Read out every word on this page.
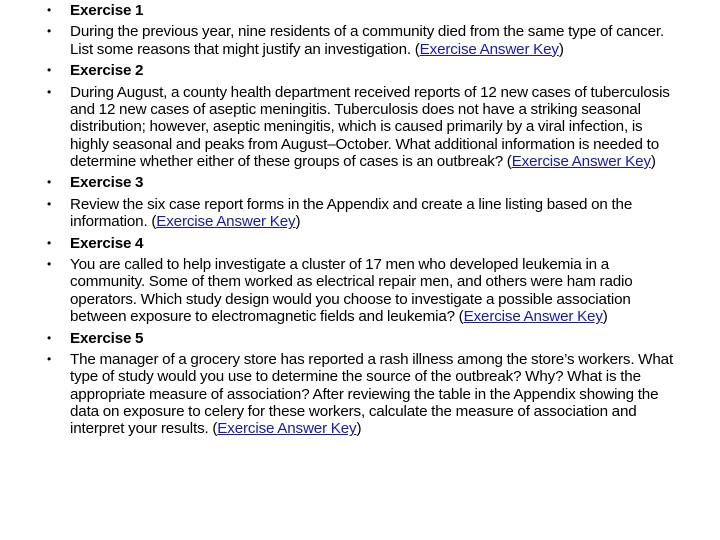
• Exercise 1
• During the previous year, nine residents of a community died from the same type of cancer. List some reasons that might justify an investigation. (Exercise Answer Key)
• Exercise 2
• During August, a county health department received reports of 12 new cases of tuberculosis and 12 new cases of aseptic meningitis. Tuberculosis does not have a striking seasonal distribution; however, aseptic meningitis, which is caused primarily by a viral infection, is highly seasonal and peaks from August–October. What additional information is needed to determine whether either of these groups of cases is an outbreak? (Exercise Answer Key)
• Exercise 3
• Review the six case report forms in the Appendix and create a line listing based on the information. (Exercise Answer Key)
• Exercise 4
• You are called to help investigate a cluster of 17 men who developed leukemia in a community. Some of them worked as electrical repair men, and others were ham radio operators. Which study design would you choose to investigate a possible association between exposure to electromagnetic fields and leukemia? (Exercise Answer Key)
• Exercise 5
• The manager of a grocery store has reported a rash illness among the store’s workers. What type of study would you use to determine the source of the outbreak? Why? What is the appropriate measure of association? After reviewing the table in the Appendix showing the data on exposure to celery for these workers, calculate the measure of association and interpret your results. (Exercise Answer Key)
